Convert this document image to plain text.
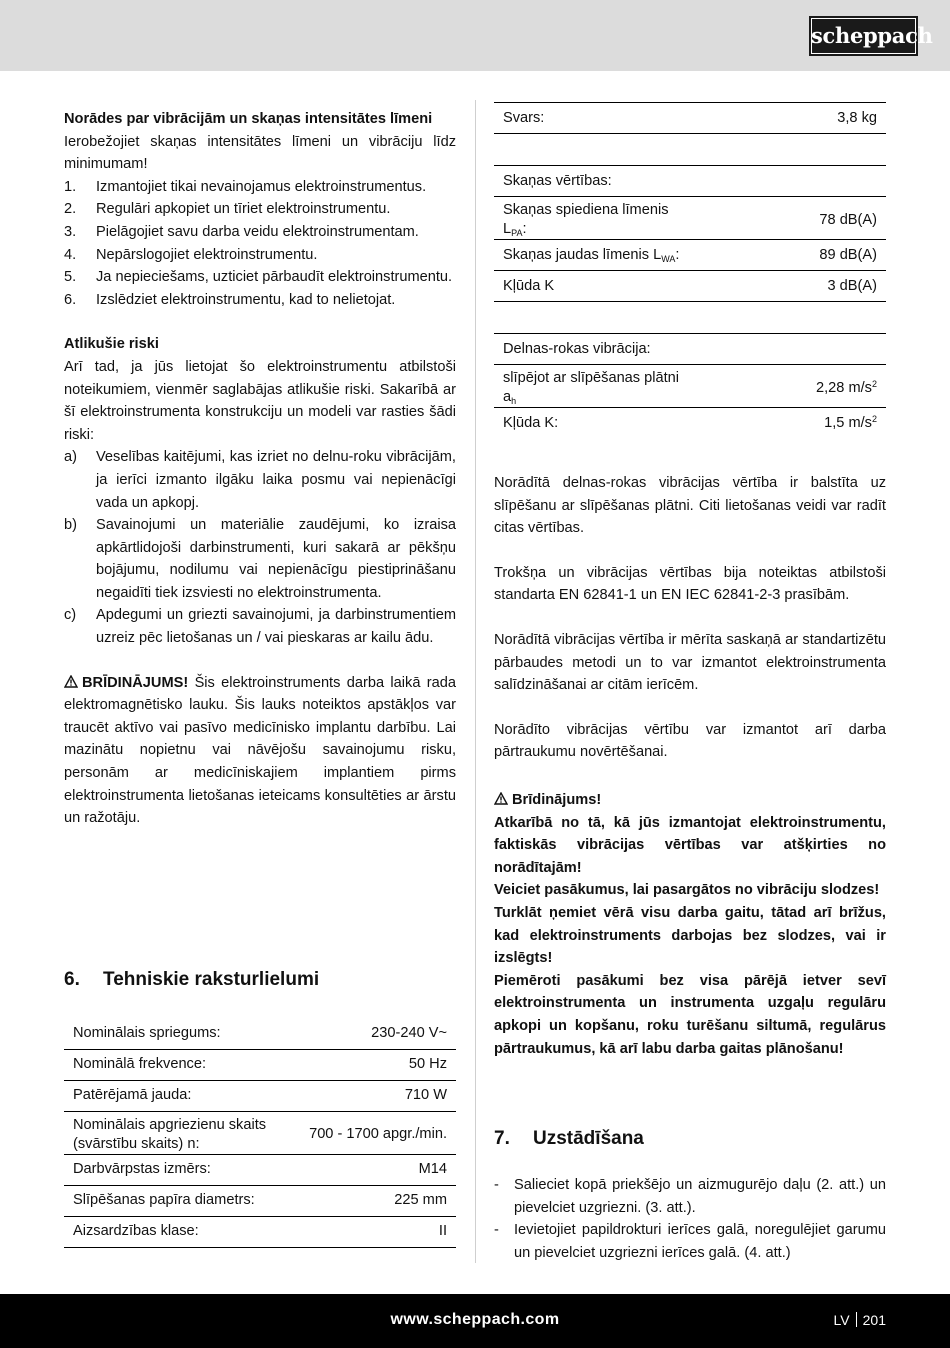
scheppach

Norādes par vibrācijām un skaņas intensitātes līmeni

Ierobežojiet skaņas intensitātes līmeni un vibrāciju līdz minimumam!

1. Izmantojiet tikai nevainojamus elektroinstrumentus.
2. Regulāri apkopiet un tīriet elektroinstrumentu.
3. Pielāgojiet savu darba veidu elektroinstrumentam.
4. Nepārslogojiet elektroinstrumentu.
5. Ja nepieciešams, uzticiet pārbaudīt elektroinstrumentu.
6. Izslēdziet elektroinstrumentu, kad to nelietojat.

Atlikušie riski

Arī tad, ja jūs lietojat šo elektroinstrumentu atbilstoši noteikumiem, vienmēr saglabājas atlikušie riski. Sakarībā ar šī elektroinstrumenta konstrukciju un modeli var rasties šādi riski:

a) Veselības kaitējumi, kas izriet no delnu-roku vibrācijām, ja ierīci izmanto ilgāku laika posmu vai nepienācīgi vada un apkopj.
b) Savainojumi un materiālie zaudējumi, ko izraisa apkārtlidojoši darbinstrumenti, kuri sakarā ar pēkšņu bojājumu, nodilumu vai nepienācīgu piestiprināšanu negaidīti tiek izsviesti no elektroinstrumenta.
c) Apdegumi un griezti savainojumi, ja darbinstrumentiem uzreiz pēc lietošanas un / vai pieskaras ar kailu ādu.

BRĪDINĀJUMS! Šis elektroinstruments darba laikā rada elektromagnētisko lauku. Šis lauks noteiktos apstākļos var traucēt aktīvo vai pasīvo medicīnisko implantu darbību. Lai mazinātu nopietnu vai nāvējošu savainojumu risku, personām ar medicīniskajiem implantiem pirms elektroinstrumenta lietošanas ieteicams konsultēties ar ārstu un ražotāju.

6.	Tehniskie raksturlielumi
Nominālais spriegums:	230-240 V~
Nominālā frekvence:	50 Hz
Patērējamā jauda:	710 W
Nominālais apgriezienu skaits (svārstību skaits) n:	700 - 1700 apgr./min.
Darbvārpstas izmērs:	M14
Slīpēšanas papīra diametrs:	225 mm
Aizsardzības klase:	II
Svars:	3,8 kg

Skaņas vērtības:	
Skaņas spiediena līmenis
$L_{PA}$:	78 dB(A)
Skaņas jaudas līmenis $L_{WA}$:	89 dB(A)
Kļūda K	3 dB(A)

Delnas-rokas vibrācija:	
slīpējot ar slīpēšanas plātni
$a_h$	2,28 $m/s^2$
Kļūda K:	1,5 $m/s^2$

Norādītā delnas-rokas vibrācijas vērtība ir balstīta uz slīpēšanu ar slīpēšanas plātni. Citi lietošanas veidi var radīt citas vērtības.

Trokšņa un vibrācijas vērtības bija noteiktas atbilstoši standarta EN 62841-1 un EN IEC 62841-2-3 prasībām.

Norādītā vibrācijas vērtība ir mērīta saskaņā ar standartizētu pārbaudes metodi un to var izmantot elektroinstrumenta salīdzināšanai ar citām ierīcēm.

Norādīto vibrācijas vērtību var izmantot arī darba pārtraukumu novērtēšanai.

Brīdinājums!

Atkarībā no tā, kā jūs izmantojat elektroinstrumentu, faktiskās vibrācijas vērtības var atšķirties no norādītajām!

Veiciet pasākumus, lai pasargātos no vibrāciju slodzes!

Turklāt ņemiet vērā visu darba gaitu, tātad arī brīžus, kad elektroinstruments darbojas bez slodzes, vai ir izslēgts!

Piemēroti pasākumi bez visa pārējā ietver sevī elektroinstrumenta un instrumenta uzgaļu regulāru apkopi un kopšanu, roku turēšanu siltumā, regulārus pārtraukumus, kā arī labu darba gaitas plānošanu!

7.	Uzstādīšana
- Salieciet kopā priekšējo un aizmugurējo daļu (2. att.) un pievelciet uzgriezni. (3. att.).
- Ievietojiet papildrokturi ierīces galā, noregulējiet garumu un pievelciet uzgriezni ierīces galā. (4. att.)
www.scheppach.com	LV 201
